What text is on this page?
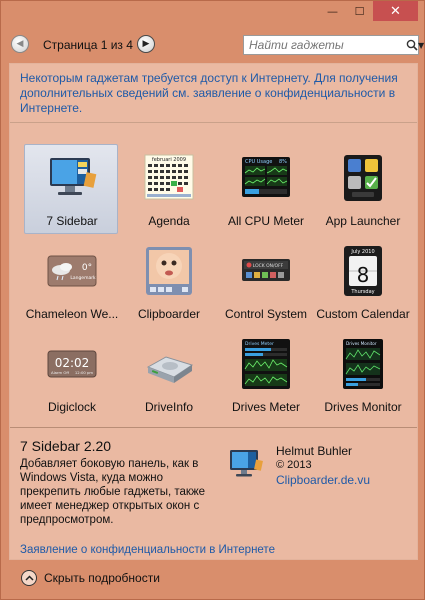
—	☐	✕
◀	Страница 1 из 4	▶
Найти гаджеты	▼
Некоторым гаджетам требуется доступ к Интернету. Для получения дополнительных сведений см. заявление о конфиденциальности в Интернете.
7 Sidebar
februari 2009
Agenda
CPU Usage 8%
All CPU Meter	App Launcher
0°
Langemark
Chameleon We...	Clipboarder
LOCK ON/OFF
Control System
July 2010
8
Thursday
Custom Calendar
02:02
Alarm Off 12:00 pm
Digiclock	DriveInfo
Drives Meter
Drives Meter
Drives Monitor
Drives Monitor
7 Sidebar 2.20
Добавляет боковую панель, как в Windows Vista, куда можно прекрепить любые гаджеты, также имеет менеджер открытых окон с предпросмотром.
Заявление о конфиденциальности в Интернете
Helmut Buhler
© 2013
Clipboarder.de.vu
Скрыть подробности
